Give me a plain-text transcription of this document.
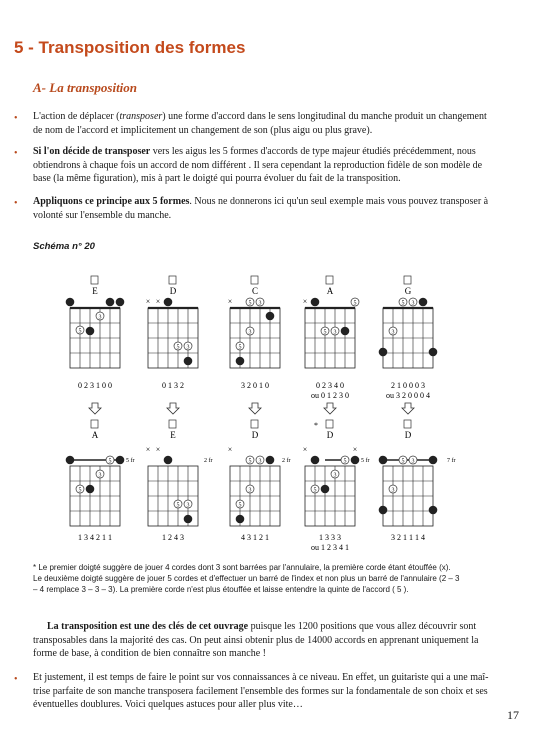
5 - Transposition des formes
A- La transposition
• L'action de déplacer (transposer) une forme d'accord dans le sens longitudinal du manche produit un changement
de nom de l'accord et implicitement un changement de son (plus aigu ou plus grave).
• Si l'on décide de transposer vers les aigus les 5 formes d'accords de type majeur étudiés précédemment, nous
obtiendrons à chaque fois un accord de nom différent . Il sera cependant la reproduction fidèle de son modèle de
base (la même figuration), mis à part le doigté qui pourra évoluer du fait de la transposition.
• Appliquons ce principe aux 5 formes. Nous ne donnerons ici qu'un seul exemple mais vous pouvez transposer à
volonté sur l'ensemble du manche.
Schéma n° 20
E
3
5
0 2 3 1 0 0
D
× ×
5 3
0 1 3 2
C
×	5 3
3
5
3 2 0 1 0
A
×	5
5 3
0 2 3 4 0
ou 0 1 2 3 0
G
5 3
3
2 1 0 0 0 3
ou 3 2 0 0 0 4
A
5
3
5
5 fr
1 3 4 2 1 1
E
× ×
5 3
2 fr
1 2 4 3
D
×
5 3
3
5
2 fr
4 3 1 2 1
*
D
×	×
5
3
5
5 fr
1 3 3 3
ou 1 2 3 4 1
D
5 3
3
7 fr
3 2 1 1 1 4
* Le premier doigté suggère de jouer 4 cordes dont 3 sont barrées par l'annulaire, la première corde étant étouffée (x).
Le deuxième doigté suggère de jouer 5 cordes et d'effectuer un barré de l'index et non plus un barré de l'annulaire (2 – 3
– 4 remplace 3 – 3 – 3). La première corde n'est plus étouffée et laisse entendre la quinte de l'accord ( 5 ).
La transposition est une des clés de cet ouvrage puisque les 1200 positions que vous allez découvrir sont
transposables dans la majorité des cas. On peut ainsi obtenir plus de 14000 accords en apprenant uniquement la
forme de base, à condition de bien connaître son manche !
• Et justement, il est temps de faire le point sur vos connaissances à ce niveau. En effet, un guitariste qui a une maî-
trise parfaite de son manche transposera facilement l'ensemble des formes sur la fondamentale de son choix et ses
éventuelles doublures. Voici quelques astuces pour aller plus vite…
17
